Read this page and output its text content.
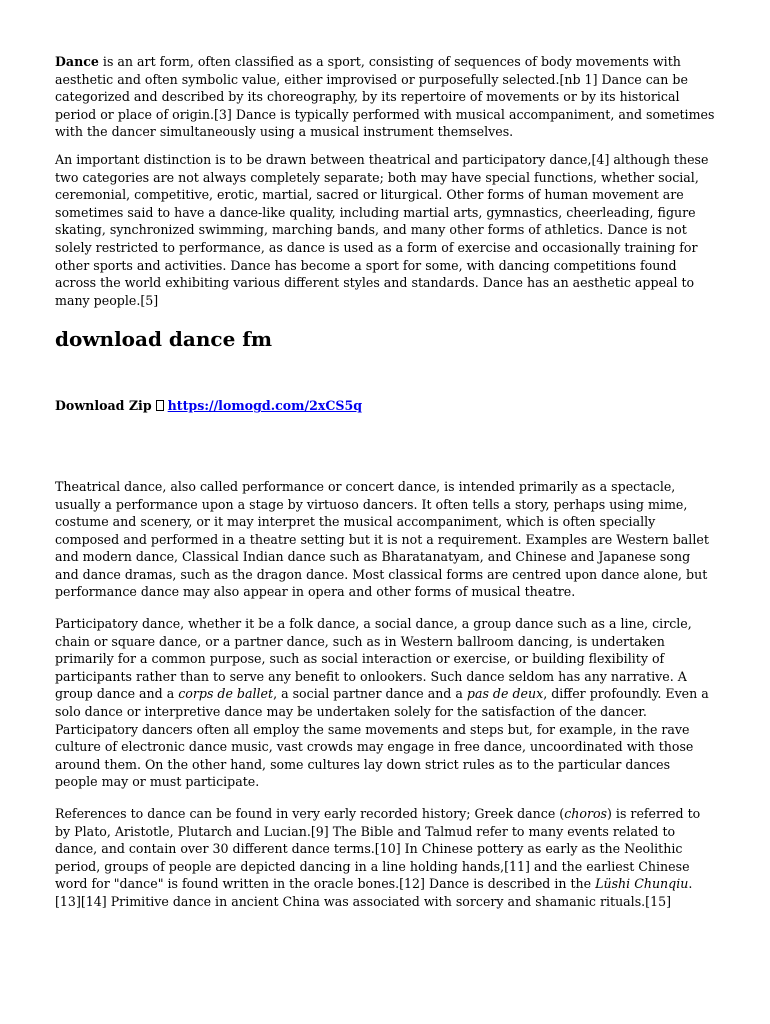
Dance is an art form, often classified as a sport, consisting of sequences of body movements with aesthetic and often symbolic value, either improvised or purposefully selected.[nb 1] Dance can be categorized and described by its choreography, by its repertoire of movements or by its historical period or place of origin.[3] Dance is typically performed with musical accompaniment, and sometimes with the dancer simultaneously using a musical instrument themselves.

An important distinction is to be drawn between theatrical and participatory dance,[4] although these two categories are not always completely separate; both may have special functions, whether social, ceremonial, competitive, erotic, martial, sacred or liturgical. Other forms of human movement are sometimes said to have a dance-like quality, including martial arts, gymnastics, cheerleading, figure skating, synchronized swimming, marching bands, and many other forms of athletics. Dance is not solely restricted to performance, as dance is used as a form of exercise and occasionally training for other sports and activities. Dance has become a sport for some, with dancing competitions found across the world exhibiting various different styles and standards. Dance has an aesthetic appeal to many people.[5]

download dance fm
Download Zip https://lomogd.com/2xCS5q

Theatrical dance, also called performance or concert dance, is intended primarily as a spectacle, usually a performance upon a stage by virtuoso dancers. It often tells a story, perhaps using mime, costume and scenery, or it may interpret the musical accompaniment, which is often specially composed and performed in a theatre setting but it is not a requirement. Examples are Western ballet and modern dance, Classical Indian dance such as Bharatanatyam, and Chinese and Japanese song and dance dramas, such as the dragon dance. Most classical forms are centred upon dance alone, but performance dance may also appear in opera and other forms of musical theatre.

Participatory dance, whether it be a folk dance, a social dance, a group dance such as a line, circle, chain or square dance, or a partner dance, such as in Western ballroom dancing, is undertaken primarily for a common purpose, such as social interaction or exercise, or building flexibility of participants rather than to serve any benefit to onlookers. Such dance seldom has any narrative. A group dance and a corps de ballet, a social partner dance and a pas de deux, differ profoundly. Even a solo dance or interpretive dance may be undertaken solely for the satisfaction of the dancer. Participatory dancers often all employ the same movements and steps but, for example, in the rave culture of electronic dance music, vast crowds may engage in free dance, uncoordinated with those around them. On the other hand, some cultures lay down strict rules as to the particular dances people may or must participate.

References to dance can be found in very early recorded history; Greek dance (choros) is referred to by Plato, Aristotle, Plutarch and Lucian.[9] The Bible and Talmud refer to many events related to dance, and contain over 30 different dance terms.[10] In Chinese pottery as early as the Neolithic period, groups of people are depicted dancing in a line holding hands,[11] and the earliest Chinese word for "dance" is found written in the oracle bones.[12] Dance is described in the Lüshi Chunqiu.[13][14] Primitive dance in ancient China was associated with sorcery and shamanic rituals.[15]
